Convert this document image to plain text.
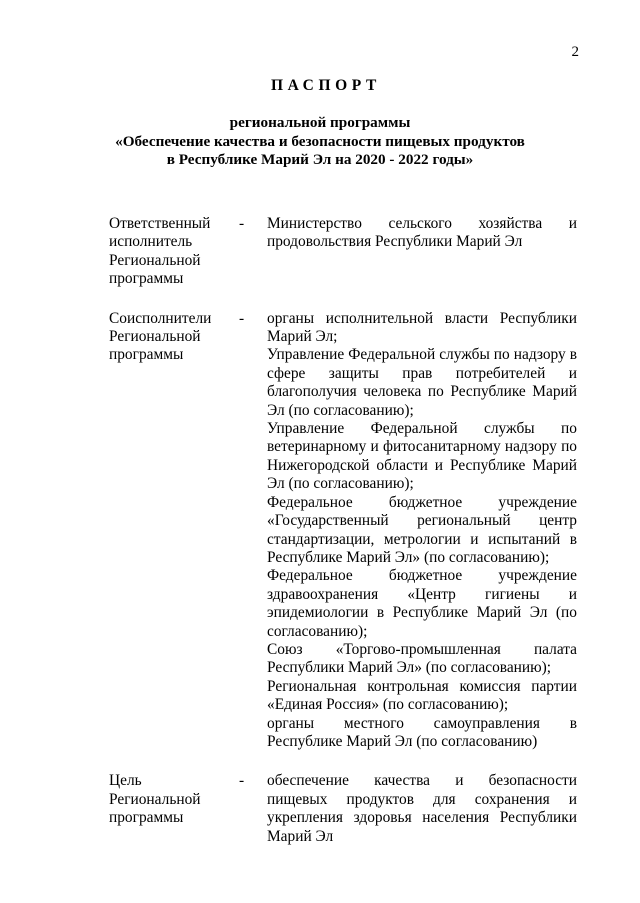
2
ПАСПОРТ
региональной программы
«Обеспечение качества и безопасности пищевых продуктов
в Республике Марий Эл на 2020 - 2022 годы»
Ответственный исполнитель Региональной программы
-	Министерство сельского хозяйства и продовольствия Республики Марий Эл
Соисполнители Региональной программы
-	органы исполнительной власти Республики Марий Эл;
Управление Федеральной службы по надзору в сфере защиты прав потребителей и благополучия человека по Республике Марий Эл (по согласованию);
Управление Федеральной службы по ветеринарному и фитосанитарному надзору по Нижегородской области и Республике Марий Эл (по согласованию);
Федеральное бюджетное учреждение «Государственный региональный центр стандартизации, метрологии и испытаний в Республике Марий Эл» (по согласованию);
Федеральное бюджетное учреждение здравоохранения «Центр гигиены и эпидемиологии в Республике Марий Эл (по согласованию);
Союз «Торгово-промышленная палата Республики Марий Эл» (по согласованию);
Региональная контрольная комиссия партии «Единая Россия» (по согласованию);
органы местного самоуправления в Республике Марий Эл (по согласованию)
Цель Региональной программы
-	обеспечение качества и безопасности пищевых продуктов для сохранения и укрепления здоровья населения Республики Марий Эл
